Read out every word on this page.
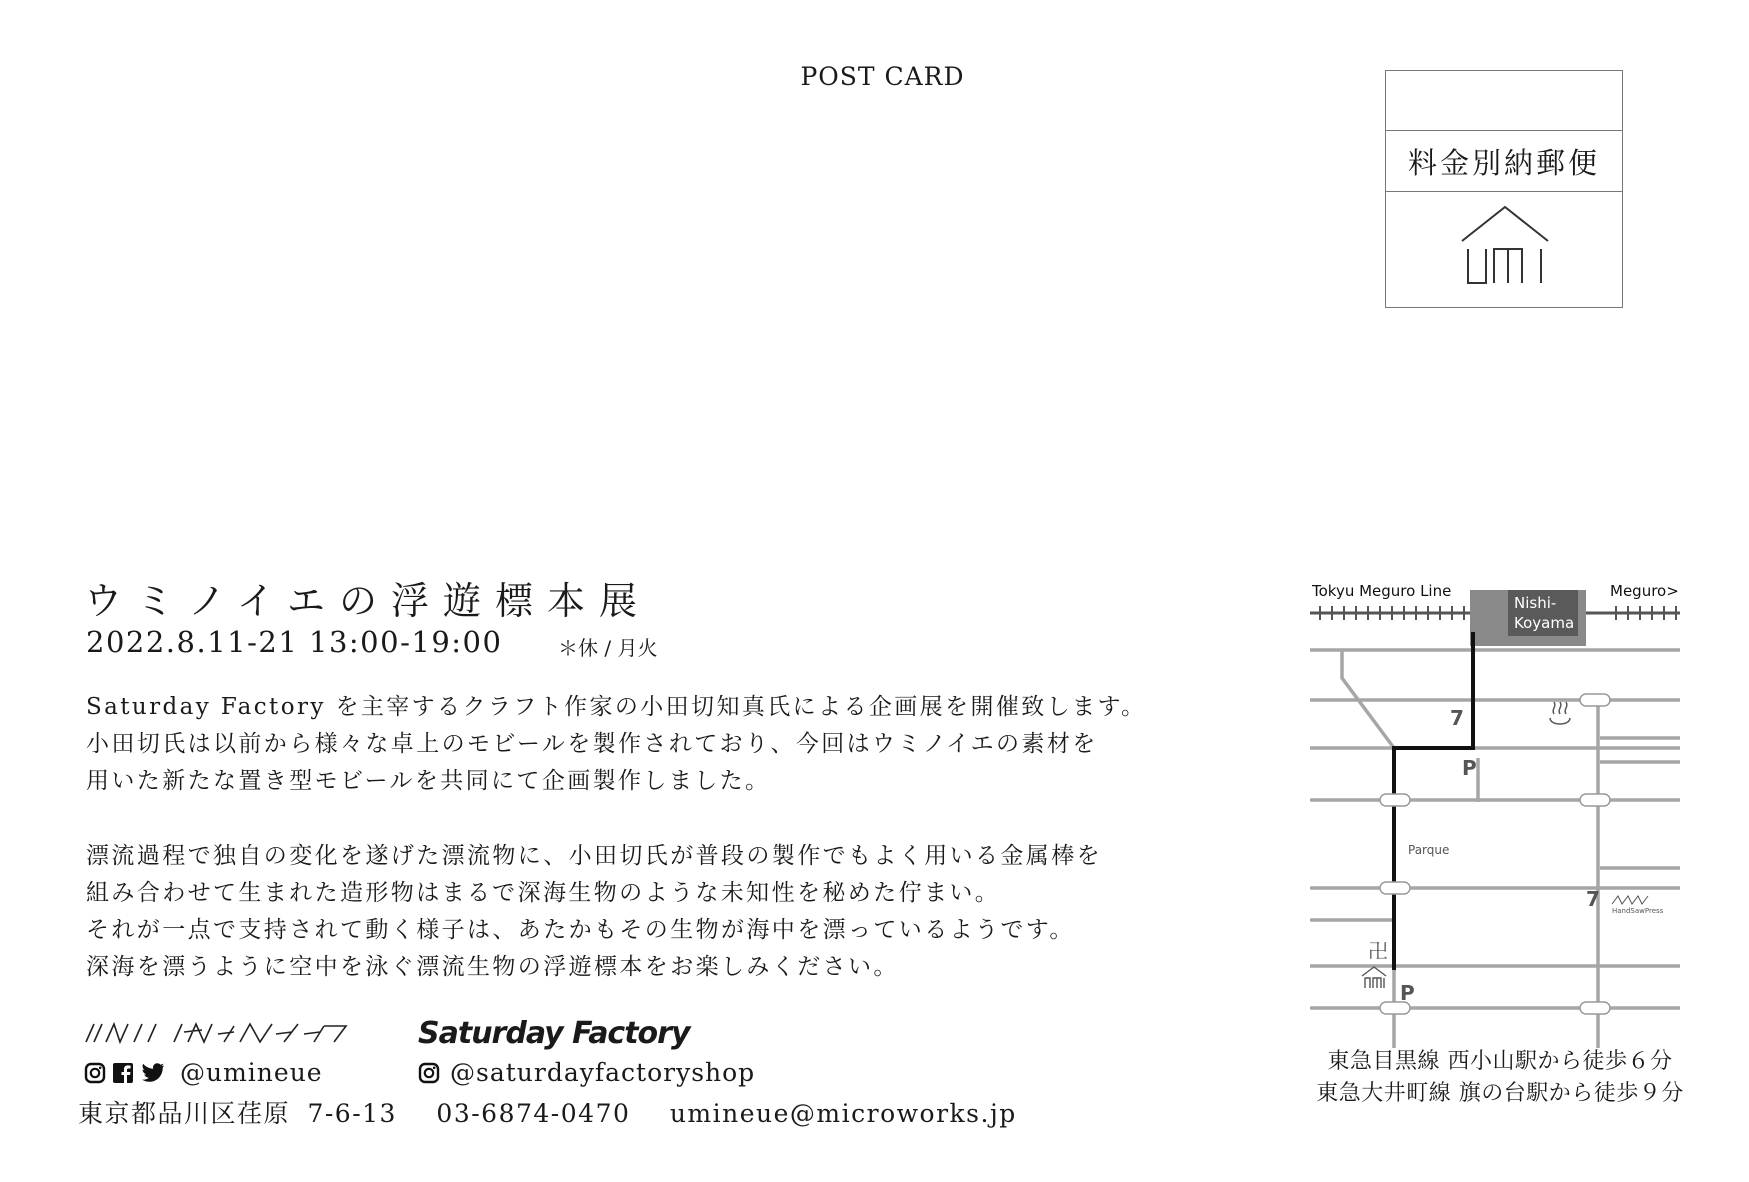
POST CARD
料金別納郵便
ウミノイエの浮遊標本展
2022.8.11-21 13:00-19:00	＊休 / 月火
Saturday Factory を主宰するクラフト作家の小田切知真氏による企画展を開催致します。
小田切氏は以前から様々な卓上のモビールを製作されており、今回はウミノイエの素材を
用いた新たな置き型モビールを共同にて企画製作しました。
漂流過程で独自の変化を遂げた漂流物に、小田切氏が普段の製作でもよく用いる金属棒を
組み合わせて生まれた造形物はまるで深海生物のような未知性を秘めた佇まい。
それが一点で支持されて動く様子は、あたかもその生物が海中を漂っているようです。
深海を漂うように空中を泳ぐ漂流生物の浮遊標本をお楽しみください。
Saturday Factory
@umineue	@saturdayfactoryshop
東京都品川区荏原 7-6-13 03-6874-0470 umineue@microworks.jp
Tokyu Meguro Line	Meguro>
Nishi-
Koyama
7
P
Parque
7 HandSawPress
卍
P
東急目黒線 西小山駅から徒歩６分
東急大井町線 旗の台駅から徒歩９分
